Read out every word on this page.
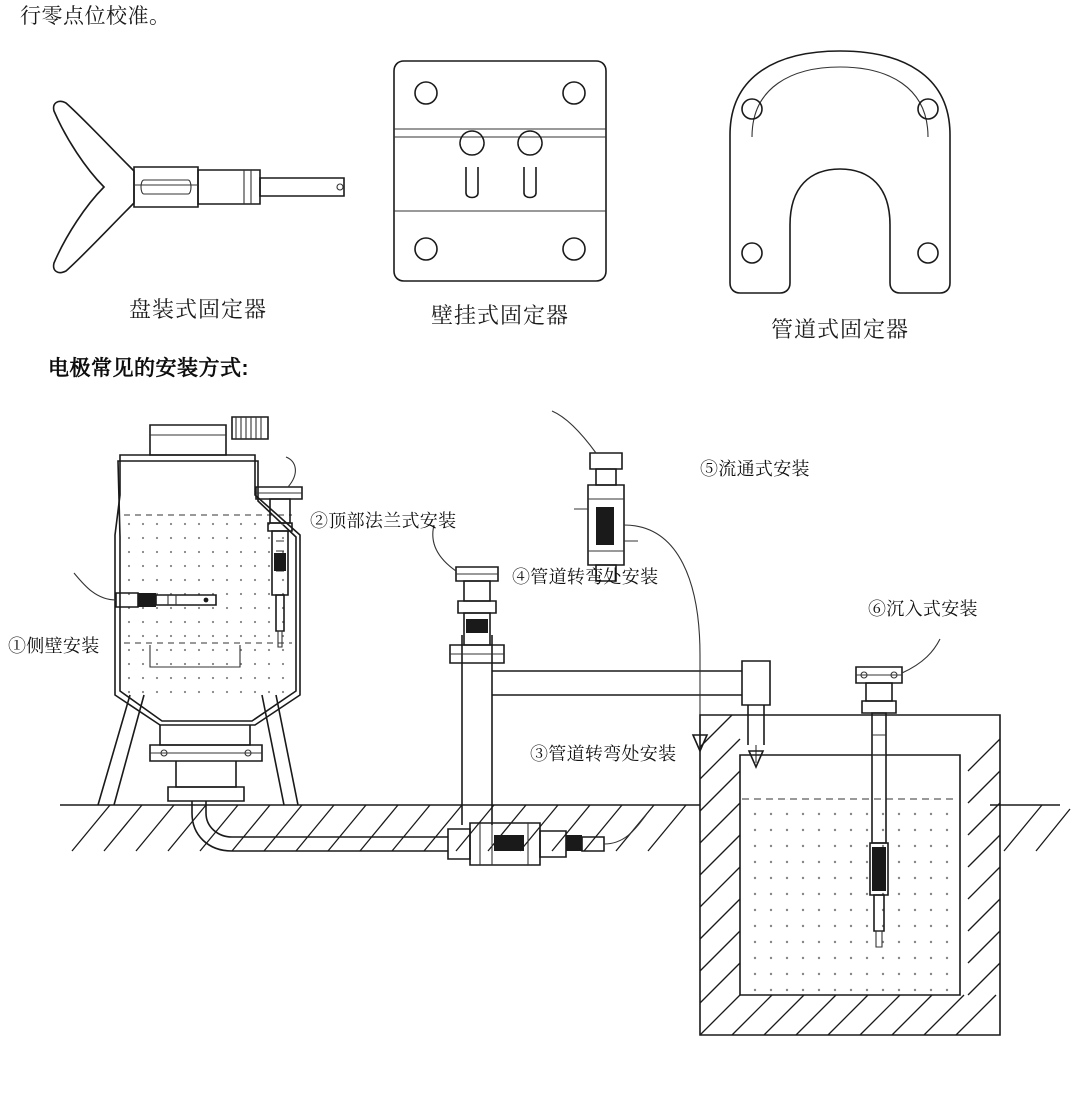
行零点位校准。
盘装式固定器	壁挂式固定器
管道式固定器
电极常见的安装方式:
①侧壁安装
②顶部法兰式安装
③管道转弯处安装
④管道转弯处安装
⑤流通式安装
⑥沉入式安装
